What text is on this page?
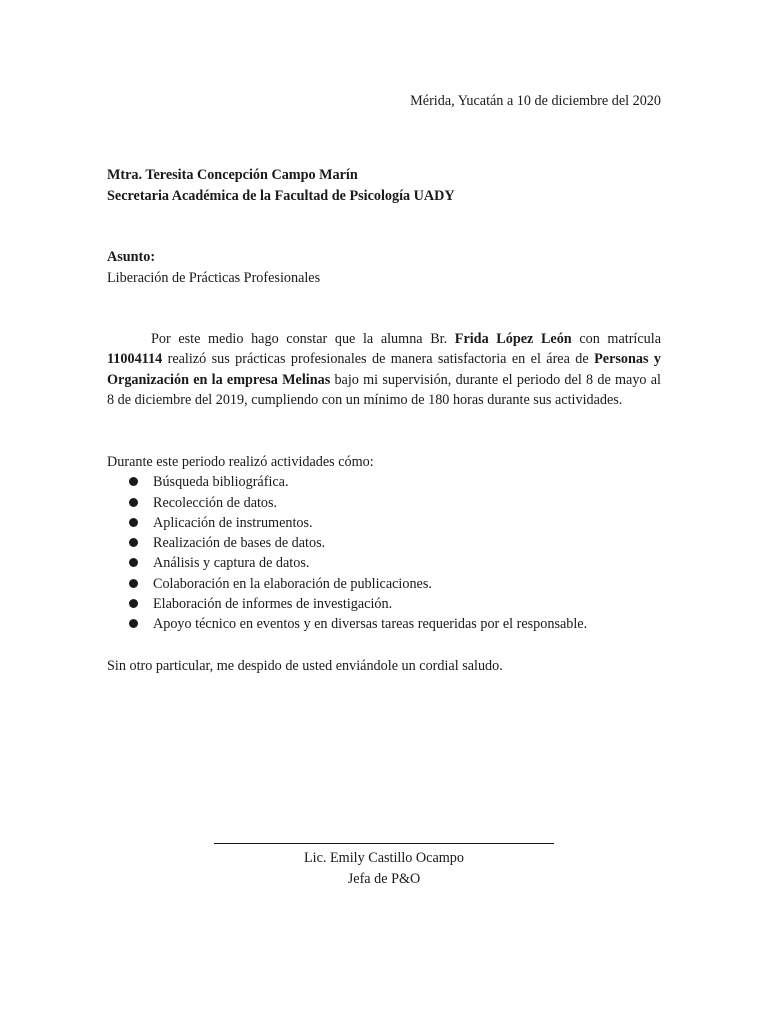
Mérida, Yucatán a 10 de diciembre del 2020
Mtra. Teresita Concepción Campo Marín
Secretaria Académica de la Facultad de Psicología UADY
Asunto:
Liberación de Prácticas Profesionales

Por este medio hago constar que la alumna Br. Frida López León con matrícula 11004114 realizó sus prácticas profesionales de manera satisfactoria en el área de Personas y Organización en la empresa Melinas bajo mi supervisión, durante el periodo del 8 de mayo al 8 de diciembre del 2019, cumpliendo con un mínimo de 180 horas durante sus actividades.

Durante este periodo realizó actividades cómo:
Búsqueda bibliográfica.
Recolección de datos.
Aplicación de instrumentos.
Realización de bases de datos.
Análisis y captura de datos.
Colaboración en la elaboración de publicaciones.
Elaboración de informes de investigación.
Apoyo técnico en eventos y en diversas tareas requeridas por el responsable.
Sin otro particular, me despido de usted enviándole un cordial saludo.
Lic. Emily Castillo Ocampo
Jefa de P&O
